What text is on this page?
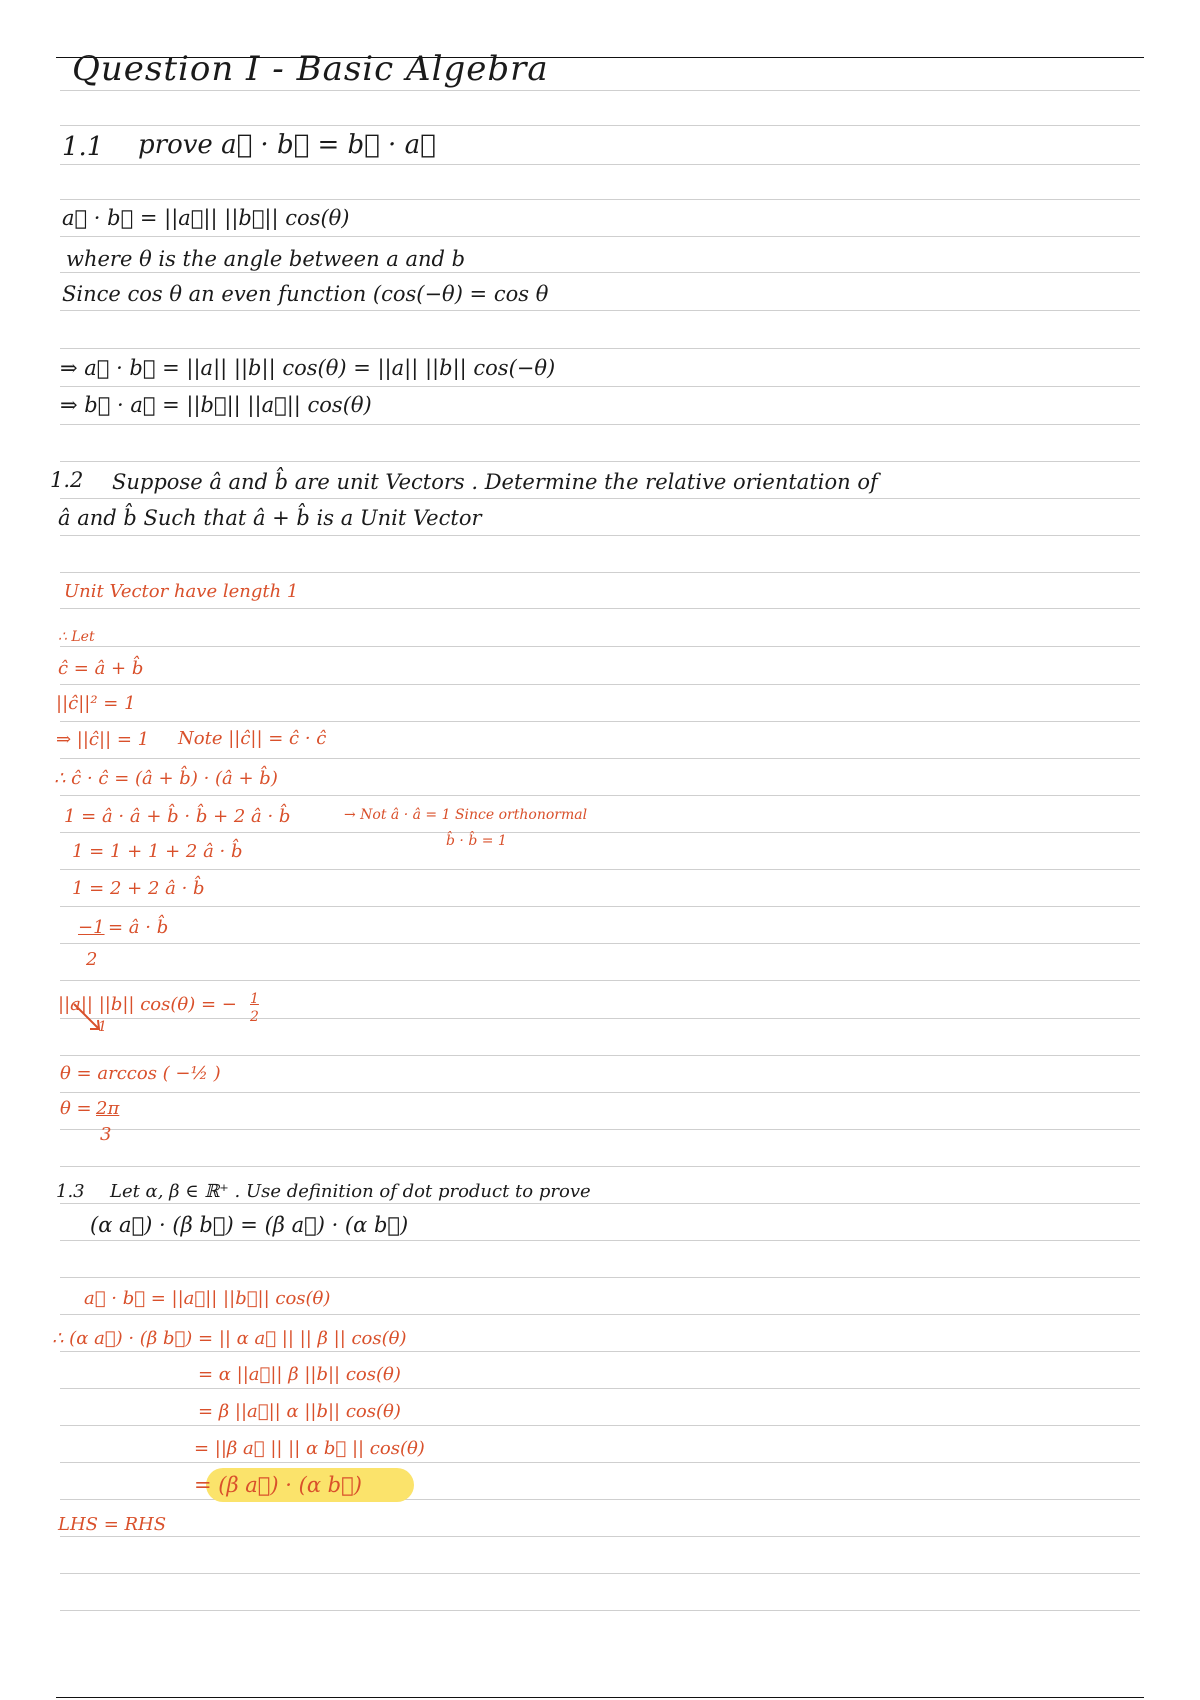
Question I - Basic Algebra
1.1 prove a⃗ · b⃗ = b⃗ · a⃗
a⃗ · b⃗ = ||a⃗|| ||b⃗|| cos(θ)
where θ is the angle between a and b
Since cos θ an even function (cos(−θ) = cos θ
⇒ a⃗ · b⃗ = ||a|| ||b|| cos(θ) = ||a|| ||b|| cos(−θ)
⇒ b⃗ · a⃗ = ||b⃗|| ||a⃗|| cos(θ)
1.2 Suppose â and b̂ are unit Vectors . Determine the relative orientation of
â and b̂ Such that â + b̂ is a Unit Vector
Unit Vector have length 1
∴ Let
ĉ = â + b̂
||ĉ||² = 1
⇒ ||ĉ|| = 1 Note ||ĉ|| = ĉ · ĉ
∴ ĉ · ĉ = (â + b̂) · (â + b̂)
1 = â · â + b̂ · b̂ + 2 â · b̂	→ Not â · â = 1 Since orthonormal
b̂ · b̂ = 1
1 = 1 + 1 + 2 â · b̂
1 = 2 + 2 â · b̂
−1 = â · b̂
2
||a|| ||b|| cos(θ) = − 1
2
1
θ = arccos ( −½ )
θ = 2π
3
1.3 Let α, β ∈ ℝ⁺ . Use definition of dot product to prove
(α a⃗) · (β b⃗) = (β a⃗) · (α b⃗)
a⃗ · b⃗ = ||a⃗|| ||b⃗|| cos(θ)
∴ (α a⃗) · (β b⃗) = || α a⃗ || || β || cos(θ)
= α ||a⃗|| β ||b|| cos(θ)
= β ||a⃗|| α ||b|| cos(θ)
= ||β a⃗ || || α b⃗ || cos(θ)
= (β a⃗) · (α b⃗)
LHS = RHS
